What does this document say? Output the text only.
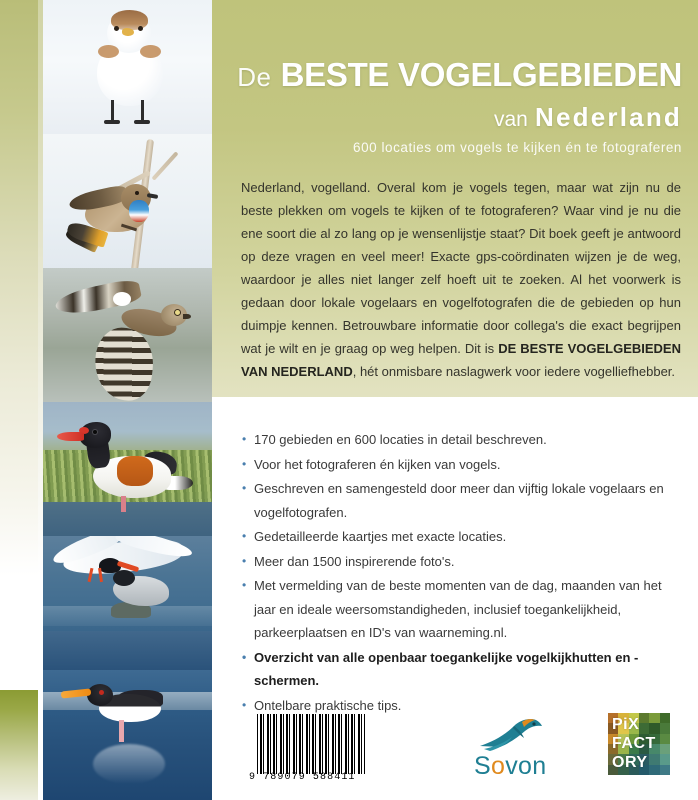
De BESTE VOGELGEBIEDEN
van Nederland
600 locaties om vogels te kijken én te fotograferen
Nederland, vogelland. Overal kom je vogels tegen, maar wat zijn nu de beste plekken om vogels te kijken of te fotograferen? Waar vind je nu die ene soort die al zo lang op je wensenlijstje staat? Dit boek geeft je antwoord op deze vragen en veel meer! Exacte gps-coördinaten wijzen je de weg, waardoor je alles niet langer zelf hoeft uit te zoeken. Al het voorwerk is gedaan door lokale vogelaars en vogelfotografen die de gebieden op hun duimpje kennen. Betrouwbare informatie door collega's die exact begrijpen wat je wilt en je graag op weg helpen. Dit is DE BESTE VOGELGEBIEDEN VAN NEDERLAND, hét onmisbare naslagwerk voor iedere vogelliefhebber.
• 170 gebieden en 600 locaties in detail beschreven.
• Voor het fotograferen én kijken van vogels.
• Geschreven en samengesteld door meer dan vijftig lokale vogelaars en vogelfotografen.
• Gedetailleerde kaartjes met exacte locaties.
• Meer dan 1500 inspirerende foto's.
• Met vermelding van de beste momenten van de dag, maanden van het jaar en ideale weersomstandigheden, inclusief toegankelijkheid, parkeerplaatsen en ID's van waarneming.nl.
• Overzicht van alle openbaar toegankelijke vogelkijkhutten en -schermen.
• Ontelbare praktische tips.
9 789079 588411	Sovon
PiX
FACT
ORY
